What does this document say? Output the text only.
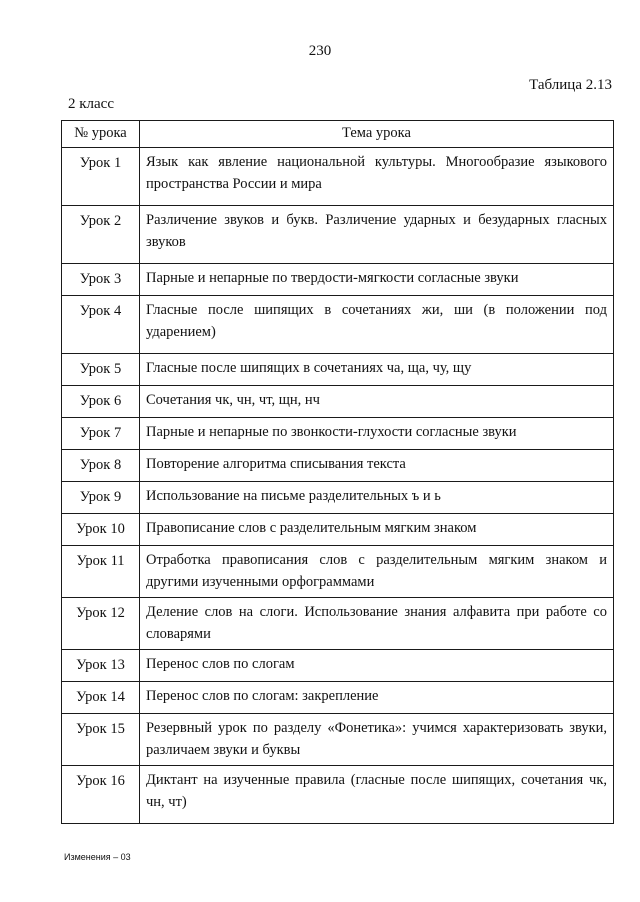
230
Таблица 2.13
2 класс
№ урока	Тема урока
Урок 1	Язык как явление национальной культуры. Многообразие языкового пространства России и мира
Урок 2	Различение звуков и букв. Различение ударных и безударных гласных звуков
Урок 3	Парные и непарные по твердости-мягкости согласные звуки
Урок 4	Гласные после шипящих в сочетаниях жи, ши (в положении под ударением)
Урок 5	Гласные после шипящих в сочетаниях ча, ща, чу, щу
Урок 6	Сочетания чк, чн, чт, щн, нч
Урок 7	Парные и непарные по звонкости-глухости согласные звуки
Урок 8	Повторение алгоритма списывания текста
Урок 9	Использование на письме разделительных ъ и ь
Урок 10	Правописание слов с разделительным мягким знаком
Урок 11	Отработка правописания слов с разделительным мягким знаком и другими изученными орфограммами
Урок 12	Деление слов на слоги. Использование знания алфавита при работе со словарями
Урок 13	Перенос слов по слогам
Урок 14	Перенос слов по слогам: закрепление
Урок 15	Резервный урок по разделу «Фонетика»: учимся характеризовать звуки, различаем звуки и буквы
Урок 16	Диктант на изученные правила (гласные после шипящих, сочетания чк, чн, чт)
Изменения – 03
